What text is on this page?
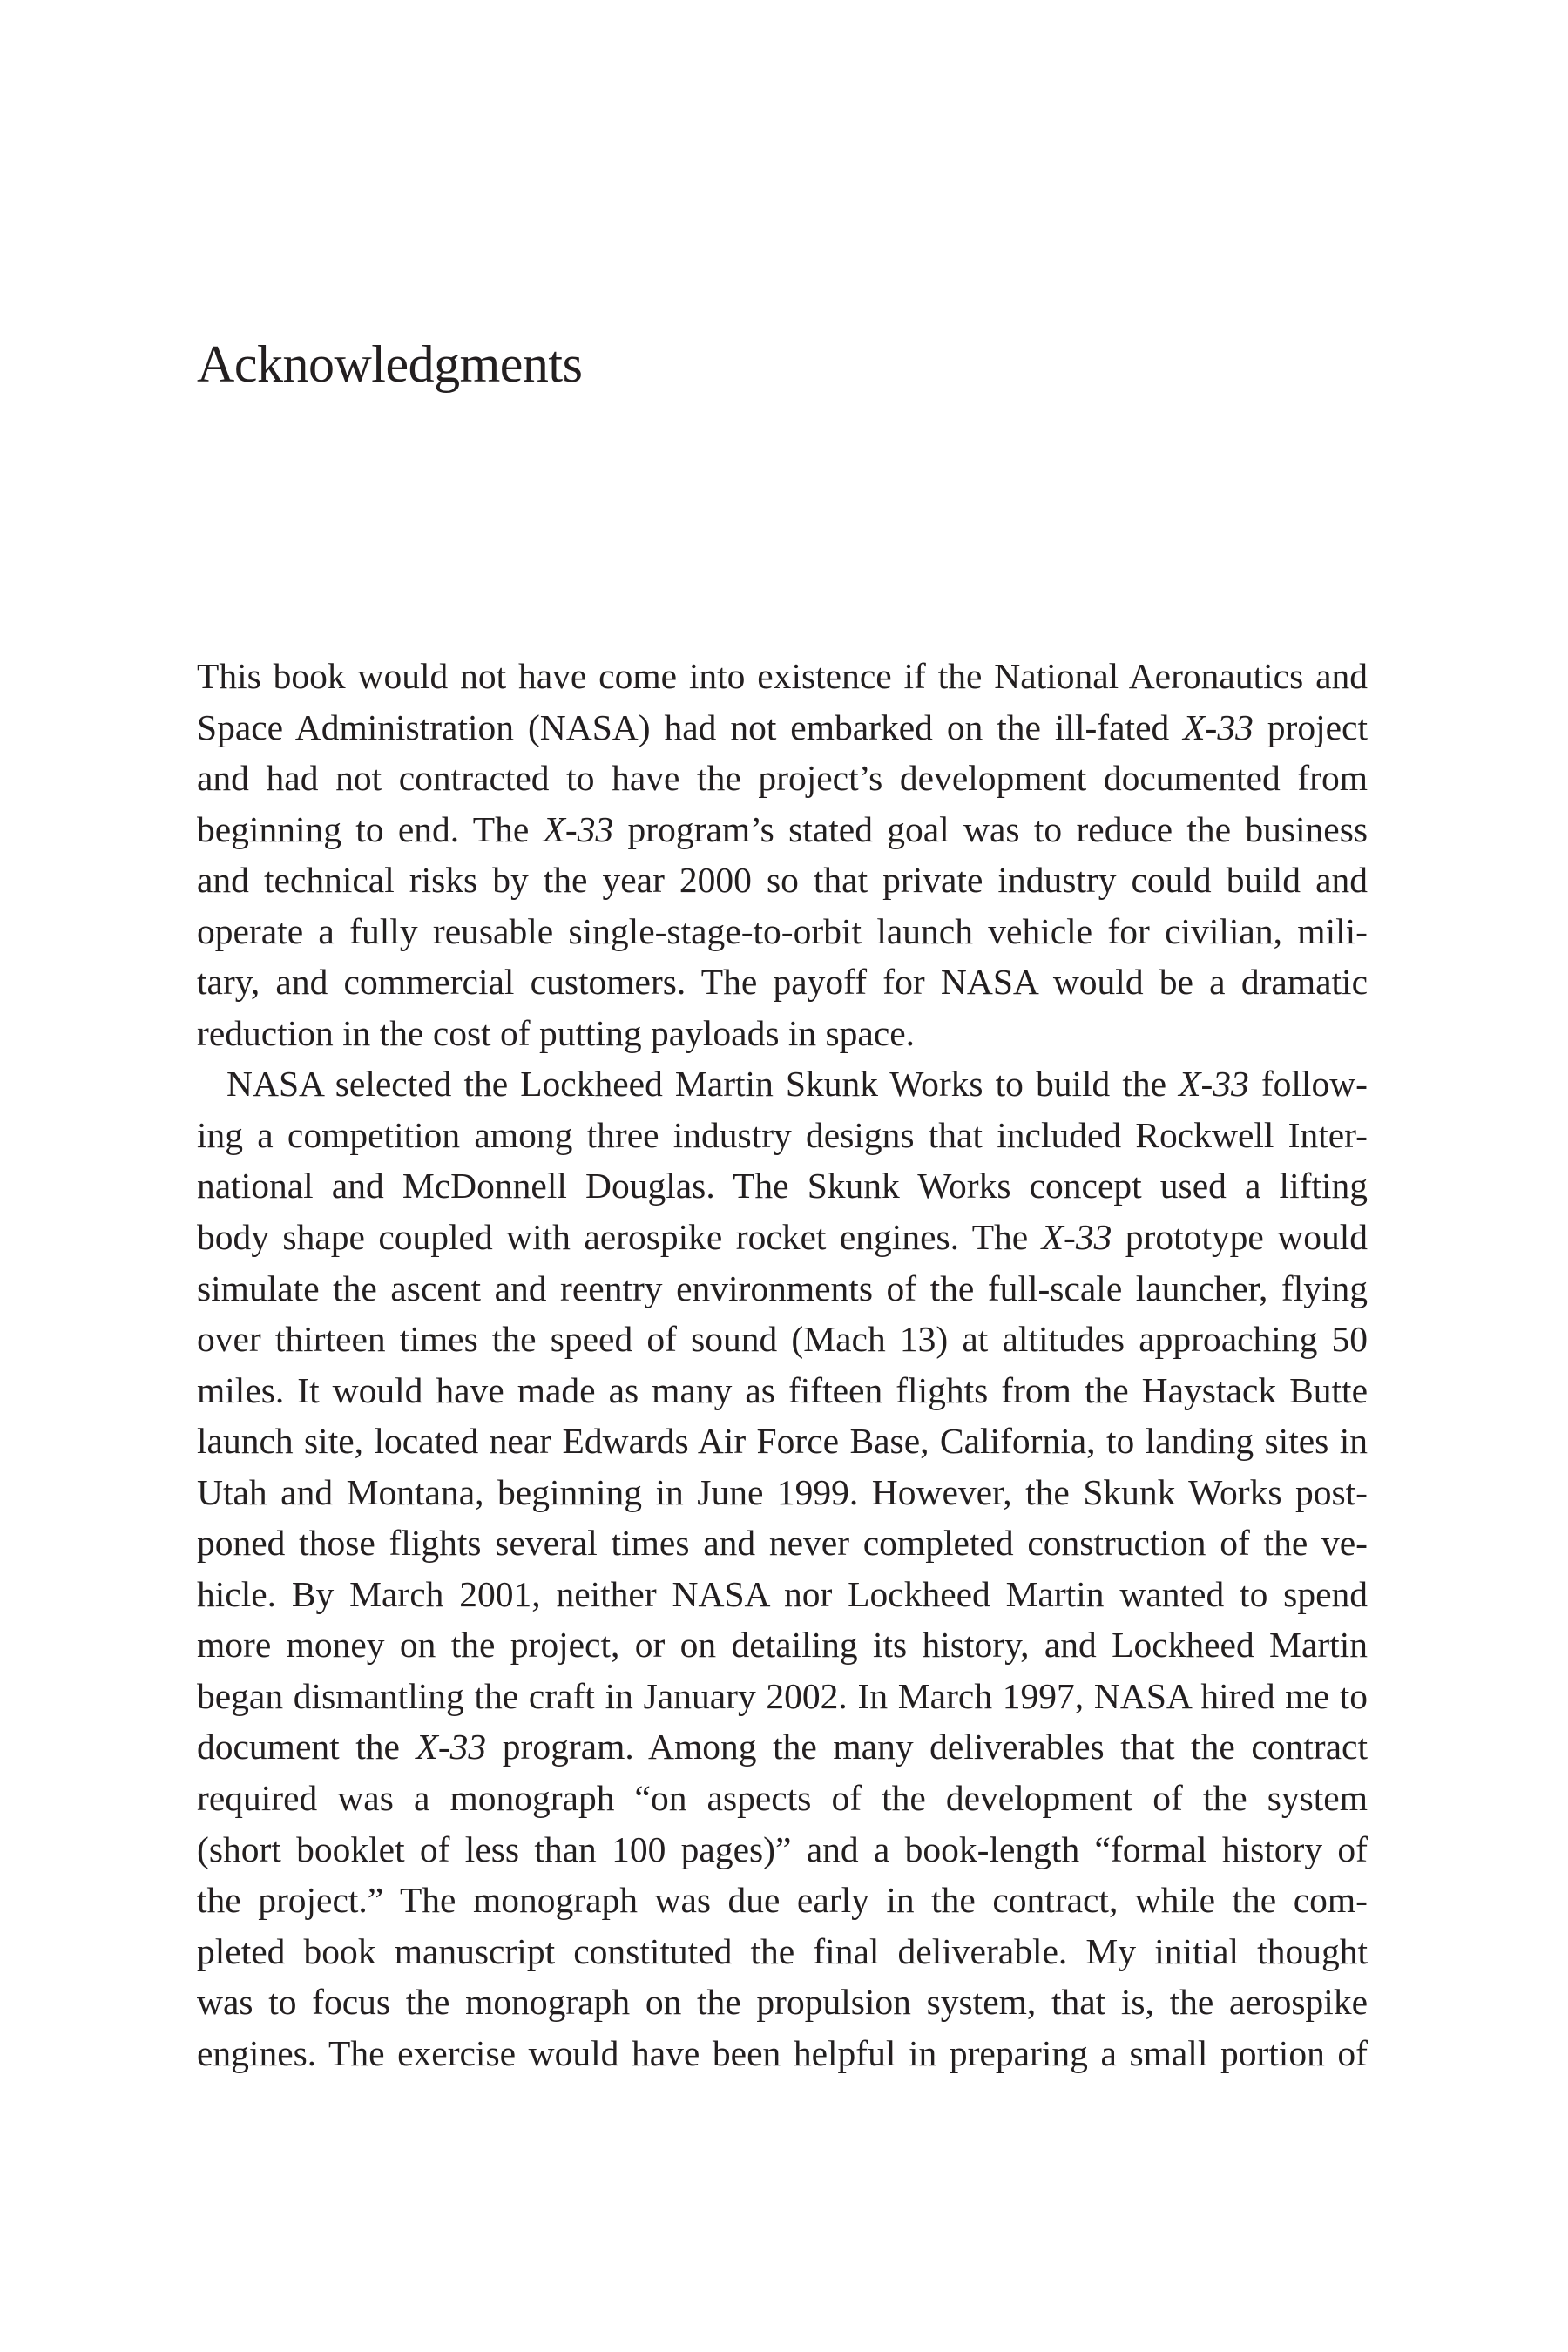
Acknowledgments
This book would not have come into existence if the National Aeronautics and
Space Administration (NASA) had not embarked on the ill-fated X-33 project
and had not contracted to have the project’s development documented from
beginning to end. The X-33 program’s stated goal was to reduce the business
and technical risks by the year 2000 so that private industry could build and
operate a fully reusable single-stage-to-orbit launch vehicle for civilian, mili-
tary, and commercial customers. The payoff for NASA would be a dramatic
reduction in the cost of putting payloads in space.
NASA selected the Lockheed Martin Skunk Works to build the X-33 follow-
ing a competition among three industry designs that included Rockwell Inter-
national and McDonnell Douglas. The Skunk Works concept used a lifting
body shape coupled with aerospike rocket engines. The X-33 prototype would
simulate the ascent and reentry environments of the full-scale launcher, flying
over thirteen times the speed of sound (Mach 13) at altitudes approaching 50
miles. It would have made as many as fifteen flights from the Haystack Butte
launch site, located near Edwards Air Force Base, California, to landing sites in
Utah and Montana, beginning in June 1999. However, the Skunk Works post-
poned those flights several times and never completed construction of the ve-
hicle. By March 2001, neither NASA nor Lockheed Martin wanted to spend
more money on the project, or on detailing its history, and Lockheed Martin
began dismantling the craft in January 2002. In March 1997, NASA hired me to
document the X-33 program. Among the many deliverables that the contract
required was a monograph “on aspects of the development of the system
(short booklet of less than 100 pages)” and a book-length “formal history of
the project.” The monograph was due early in the contract, while the com-
pleted book manuscript constituted the final deliverable. My initial thought
was to focus the monograph on the propulsion system, that is, the aerospike
engines. The exercise would have been helpful in preparing a small portion of
